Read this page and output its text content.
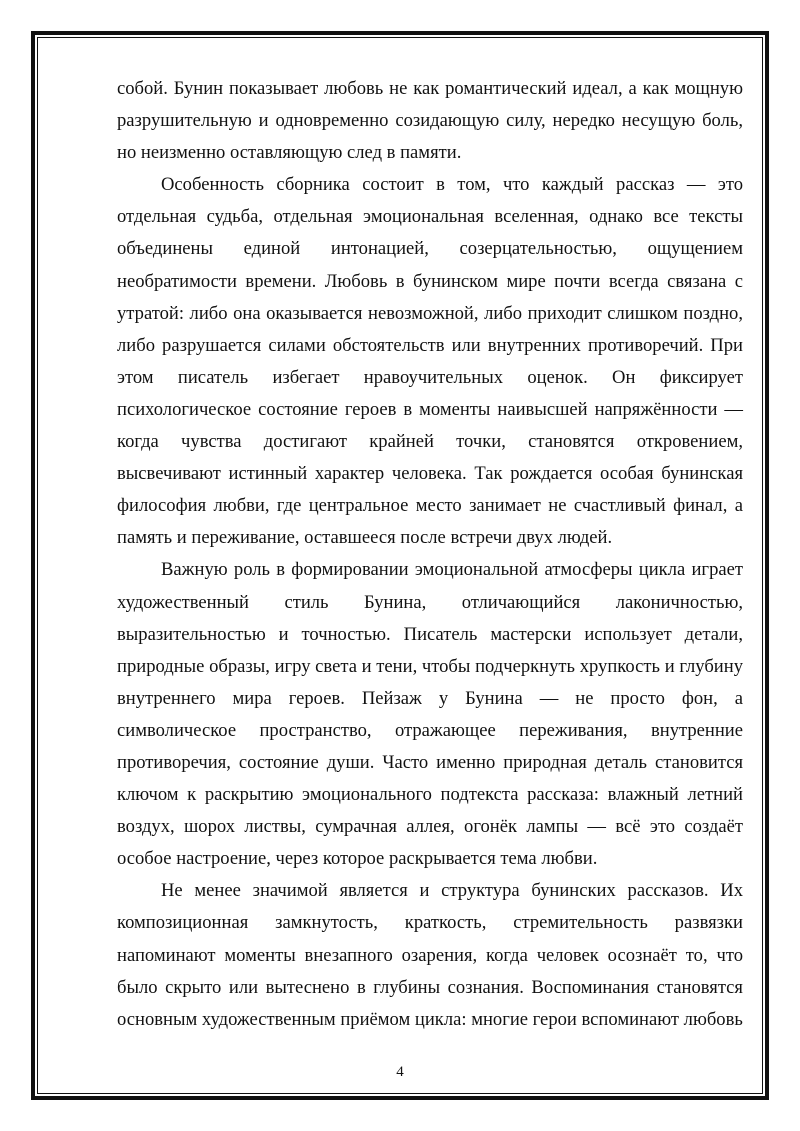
собой. Бунин показывает любовь не как романтический идеал, а как мощную разрушительную и одновременно созидающую силу, нередко несущую боль, но неизменно оставляющую след в памяти.

Особенность сборника состоит в том, что каждый рассказ — это отдельная судьба, отдельная эмоциональная вселенная, однако все тексты объединены единой интонацией, созерцательностью, ощущением необратимости времени. Любовь в бунинском мире почти всегда связана с утратой: либо она оказывается невозможной, либо приходит слишком поздно, либо разрушается силами обстоятельств или внутренних противоречий. При этом писатель избегает нравоучительных оценок. Он фиксирует психологическое состояние героев в моменты наивысшей напряжённости — когда чувства достигают крайней точки, становятся откровением, высвечивают истинный характер человека. Так рождается особая бунинская философия любви, где центральное место занимает не счастливый финал, а память и переживание, оставшееся после встречи двух людей.

Важную роль в формировании эмоциональной атмосферы цикла играет художественный стиль Бунина, отличающийся лаконичностью, выразительностью и точностью. Писатель мастерски использует детали, природные образы, игру света и тени, чтобы подчеркнуть хрупкость и глубину внутреннего мира героев. Пейзаж у Бунина — не просто фон, а символическое пространство, отражающее переживания, внутренние противоречия, состояние души. Часто именно природная деталь становится ключом к раскрытию эмоционального подтекста рассказа: влажный летний воздух, шорох листвы, сумрачная аллея, огонёк лампы — всё это создаёт особое настроение, через которое раскрывается тема любви.

Не менее значимой является и структура бунинских рассказов. Их композиционная замкнутость, краткость, стремительность развязки напоминают моменты внезапного озарения, когда человек осознаёт то, что было скрыто или вытеснено в глубины сознания. Воспоминания становятся основным художественным приёмом цикла: многие герои вспоминают любовь

4
